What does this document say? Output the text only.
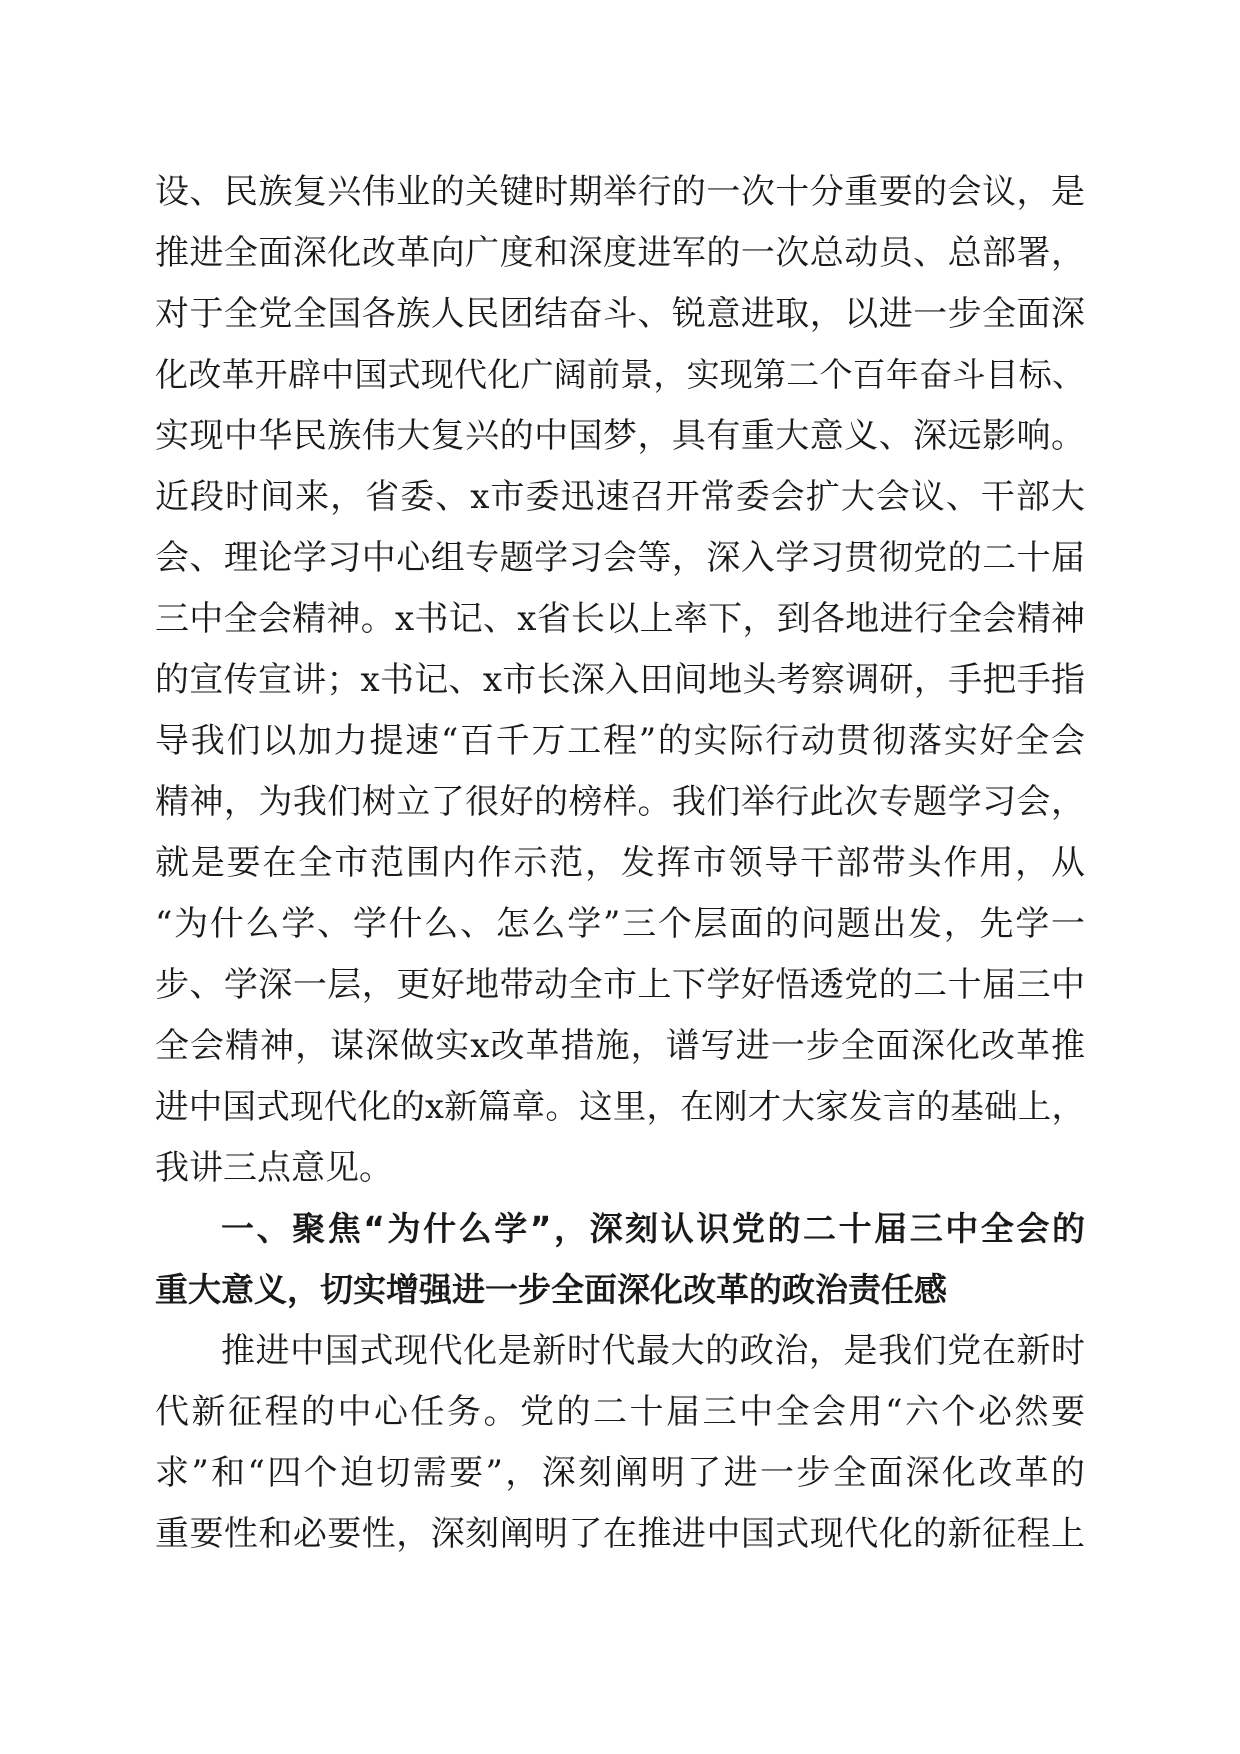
设、民族复兴伟业的关键时期举行的一次十分重要的会议，是
推进全面深化改革向广度和深度进军的一次总动员、总部署，
对于全党全国各族人民团结奋斗、锐意进取，以进一步全面深
化改革开辟中国式现代化广阔前景，实现第二个百年奋斗目标、
实现中华民族伟大复兴的中国梦，具有重大意义、深远影响。
近段时间来，省委、x市委迅速召开常委会扩大会议、干部大
会、理论学习中心组专题学习会等，深入学习贯彻党的二十届
三中全会精神。x书记、x省长以上率下，到各地进行全会精神
的宣传宣讲；x书记、x市长深入田间地头考察调研，手把手指
导我们以加力提速“百千万工程”的实际行动贯彻落实好全会
精神，为我们树立了很好的榜样。我们举行此次专题学习会，
就是要在全市范围内作示范，发挥市领导干部带头作用，从
“为什么学、学什么、怎么学”三个层面的问题出发，先学一
步、学深一层，更好地带动全市上下学好悟透党的二十届三中
全会精神，谋深做实x改革措施，谱写进一步全面深化改革推
进中国式现代化的x新篇章。这里，在刚才大家发言的基础上，
我讲三点意见。
一、聚焦“为什么学”，深刻认识党的二十届三中全会的
重大意义，切实增强进一步全面深化改革的政治责任感
推进中国式现代化是新时代最大的政治，是我们党在新时
代新征程的中心任务。党的二十届三中全会用“六个必然要
求”和“四个迫切需要”，深刻阐明了进一步全面深化改革的
重要性和必要性，深刻阐明了在推进中国式现代化的新征程上
